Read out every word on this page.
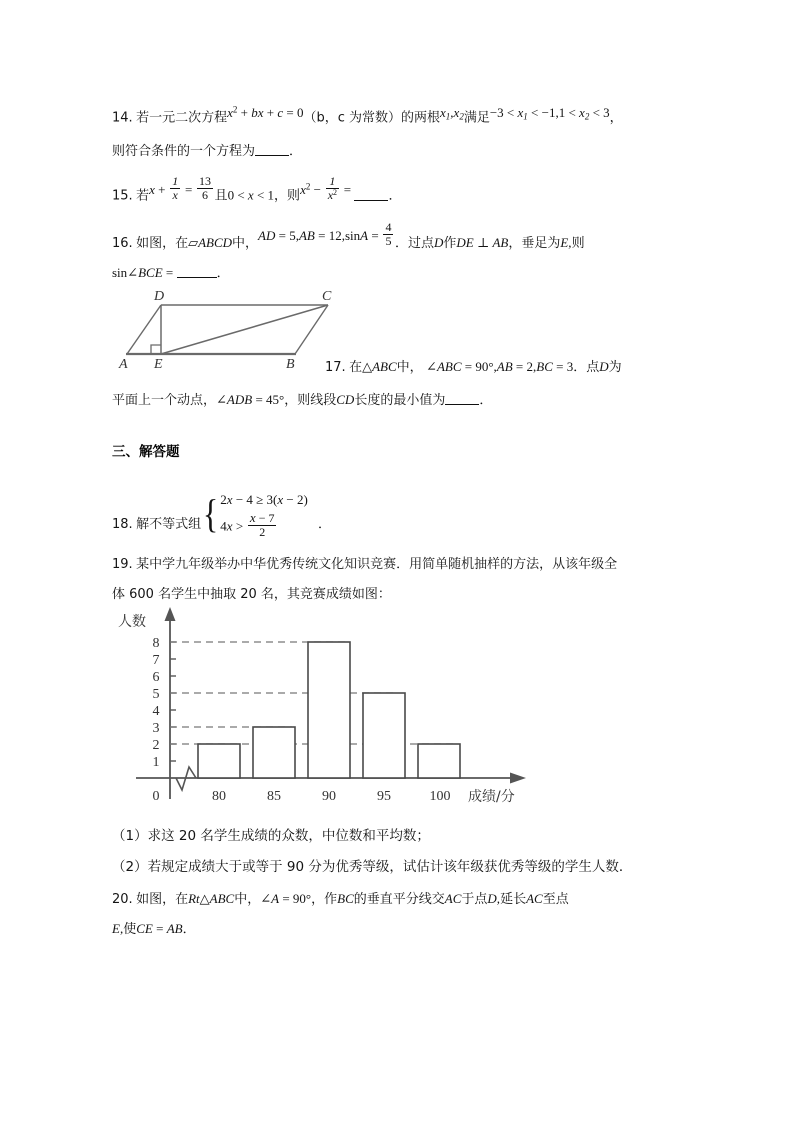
14. 若一元二次方程$x^2$ + bx + c = 0（b，c 为常数）的两根$x_1,x_2$满足$-3 < x_1 < -1,1 < x_2 < 3$，
则符合条件的一个方程为	．
15. 若$x + \frac{1}{x} = \frac{13}{6}$ 且0 < x < 1，则$x^2 - \frac{1}{x^2}$ =	．
16. 如图，在▱ABCD中，AD = $5,AB = 12,\sin A = \frac{4}{5}$ ．过点D作DE ⊥ AB，垂足为E,则
sin∠BCE =	．
A E	B
D	C
17. 在△ABC中， ∠ABC = 90°,AB = 2,BC = 3．点D为
平面上一个动点，∠ADB = 45°，则线段CD长度的最小值为	．
三、解答题
18. 解不等式组 { 2x − 4 ≥ 3(x − 2)
$4x > \frac{x - 7}{2}$	．
19. 某中学九年级举办中华优秀传统文化知识竞赛．用简单随机抽样的方法，从该年级全
体 600 名学生中抽取 20 名，其竞赛成绩如图：
人数
1
2
3
4
5
6
7
8
0	80	85	90	95	100 成绩/分
（1）求这 20 名学生成绩的众数，中位数和平均数；
（2）若规定成绩大于或等于 90 分为优秀等级，试估计该年级获优秀等级的学生人数．
20. 如图，在Rt△ABC中，∠A = 90°，作BC的垂直平分线交AC于点D,延长AC至点
E,使CE = AB．
